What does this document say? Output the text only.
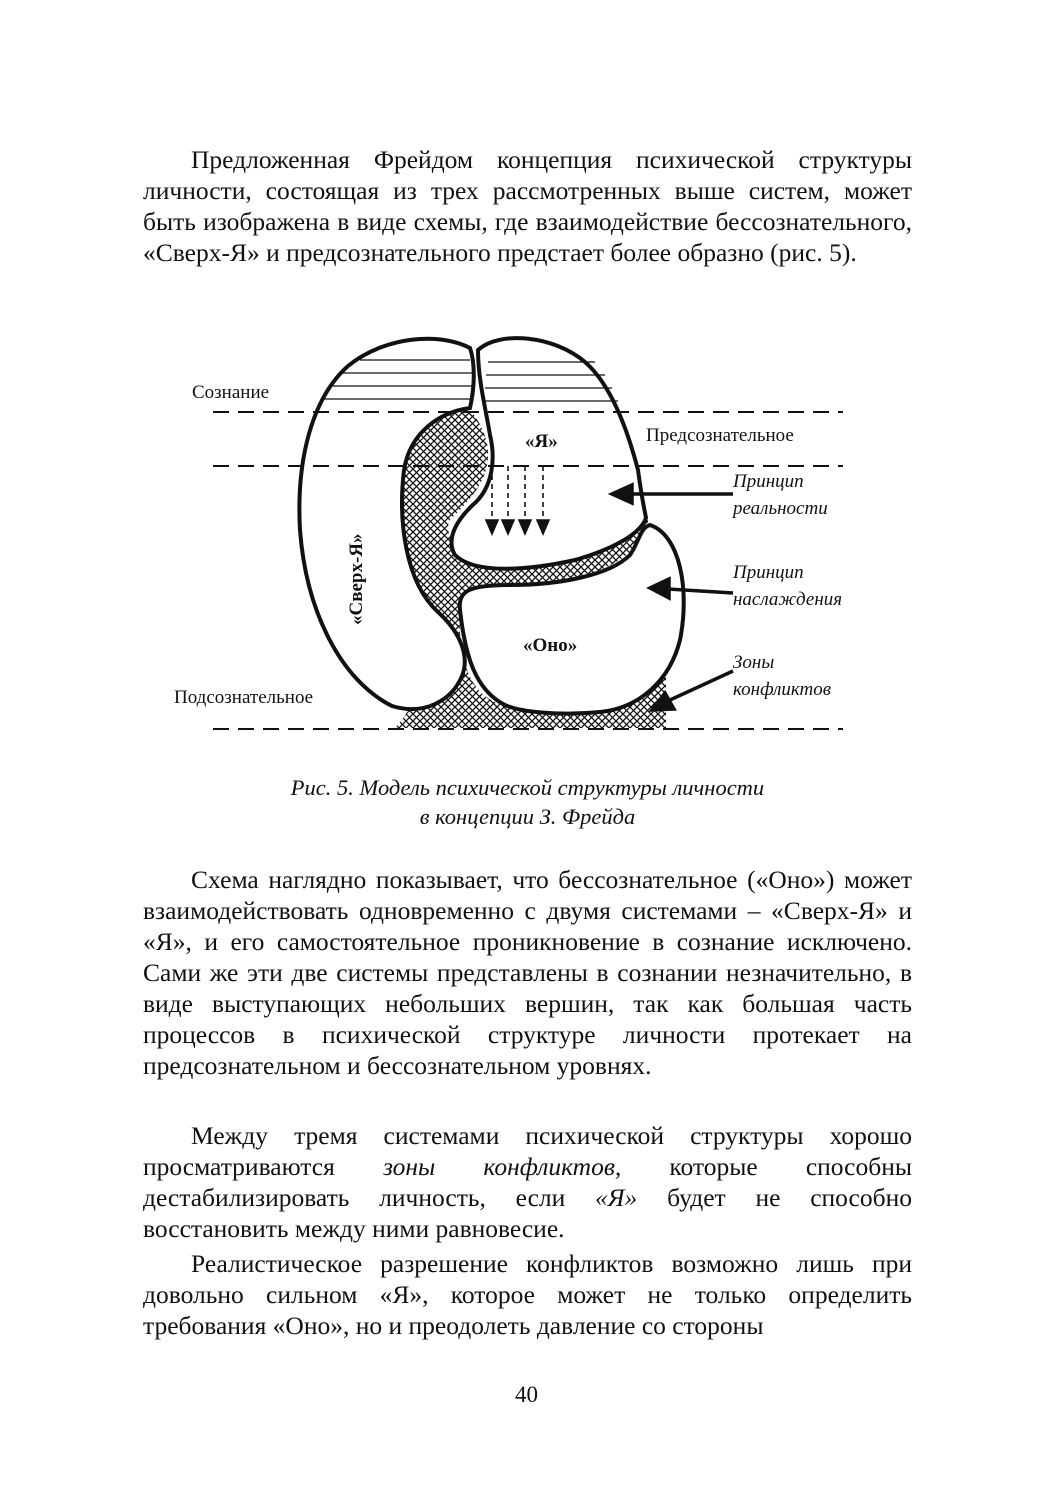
Предложенная Фрейдом концепция психической структуры личности, состоящая из трех рассмотренных выше систем, может быть изображена в виде схемы, где взаимодействие бессознательного, «Сверх-Я» и предсознательного предстает более образно (рис. 5).

Сознание
Предсознательное
Подсознательное
«Я»
«Сверх-Я»
«Оно»
Принцип
реальности
Принцип
наслаждения
Зоны
конфликтов
Рис. 5. Модель психической структуры личности
в концепции З. Фрейда

Схема наглядно показывает, что бессознательное («Оно») может взаимодействовать одновременно с двумя системами – «Сверх-Я» и «Я», и его самостоятельное проникновение в сознание исключено. Сами же эти две системы представлены в сознании незначительно, в виде выступающих небольших вершин, так как большая часть процессов в психической структуре личности протекает на предсознательном и бессознательном уровнях.

Между тремя системами психической структуры хорошо просматриваются зоны конфликтов, которые способны дестабилизировать личность, если «Я» будет не способно восстановить между ними равновесие.

Реалистическое разрешение конфликтов возможно лишь при довольно сильном «Я», которое может не только определить требования «Оно», но и преодолеть давление со стороны

40
